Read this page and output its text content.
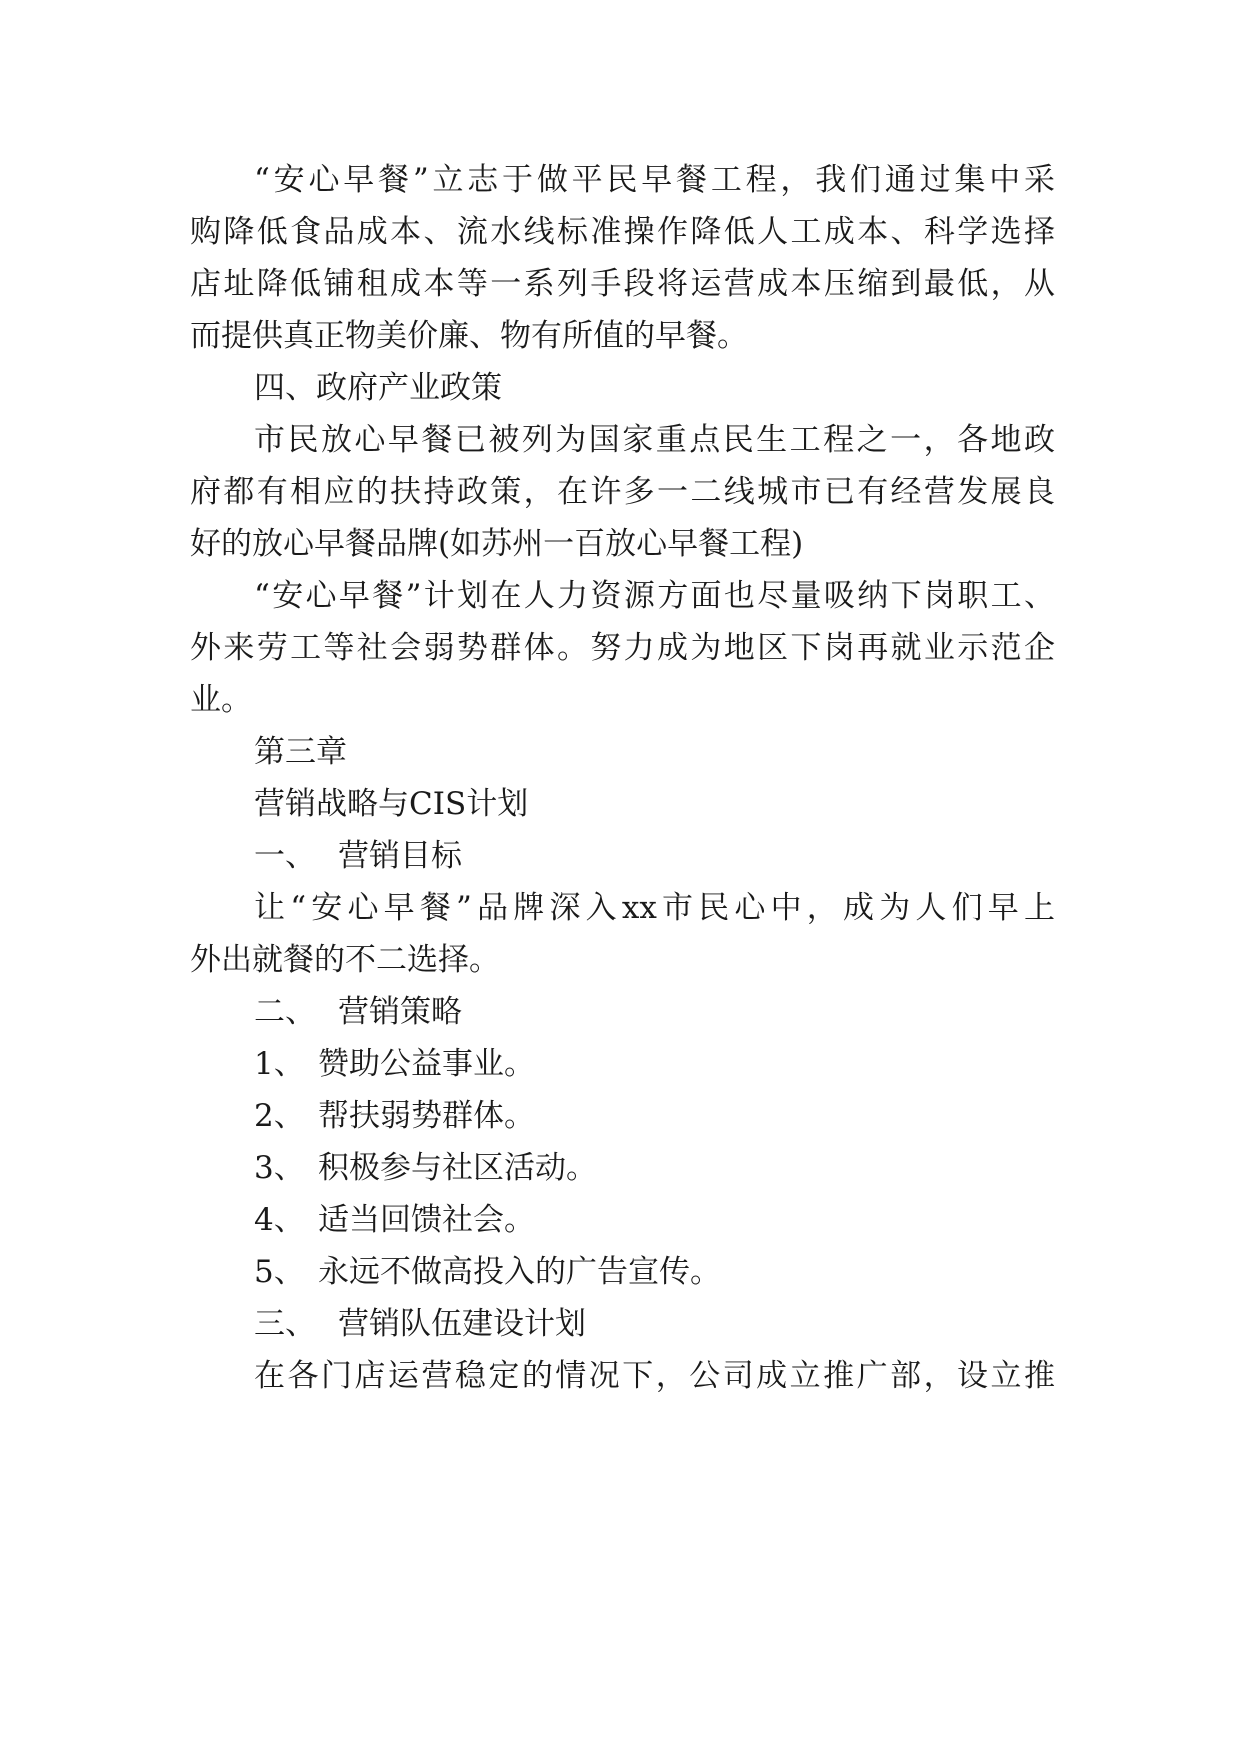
“安心早餐”立志于做平民早餐工程，我们通过集中采
购降低食品成本、流水线标准操作降低人工成本、科学选择
店址降低铺租成本等一系列手段将运营成本压缩到最低，从
而提供真正物美价廉、物有所值的早餐。
四、政府产业政策
市民放心早餐已被列为国家重点民生工程之一，各地政
府都有相应的扶持政策，在许多一二线城市已有经营发展良
好的放心早餐品牌(如苏州一百放心早餐工程)
“安心早餐”计划在人力资源方面也尽量吸纳下岗职工、
外来劳工等社会弱势群体。努力成为地区下岗再就业示范企
业。
第三章
营销战略与CIS计划
一、 营销目标
让“安心早餐”品牌深入xx市民心中，成为人们早上
外出就餐的不二选择。
二、 营销策略
1、 赞助公益事业。
2、 帮扶弱势群体。
3、 积极参与社区活动。
4、 适当回馈社会。
5、 永远不做高投入的广告宣传。
三、 营销队伍建设计划
在各门店运营稳定的情况下，公司成立推广部，设立推
